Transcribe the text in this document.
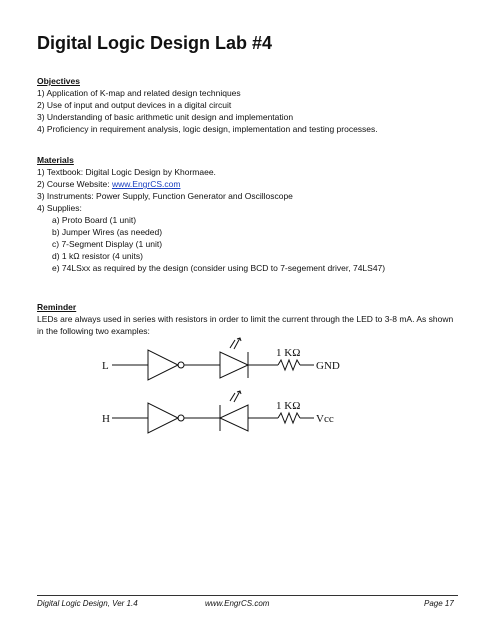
Digital Logic Design Lab #4
Objectives
1) Application of K-map and related design techniques
2) Use of input and output devices in a digital circuit
3) Understanding of basic arithmetic unit design and implementation
4) Proficiency in requirement analysis, logic design, implementation and testing processes.
Materials
1) Textbook: Digital Logic Design by Khormaee.
2) Course Website: www.EngrCS.com
3) Instruments: Power Supply, Function Generator and Oscilloscope
4) Supplies:
a) Proto Board (1 unit)
b) Jumper Wires (as needed)
c) 7-Segment Display (1 unit)
d) 1 kΩ resistor (4 units)
e) 74LSxx as required by the design (consider using BCD to 7-segement driver, 74LS47)
Reminder
LEDs are always used in series with resistors in order to limit the current through the LED to 3-8 mA. As shown in the following two examples:
L
1 KΩ
GND
H
1 KΩ
Vcc
Digital Logic Design, Ver 1.4	www.EngrCS.com	Page 17
